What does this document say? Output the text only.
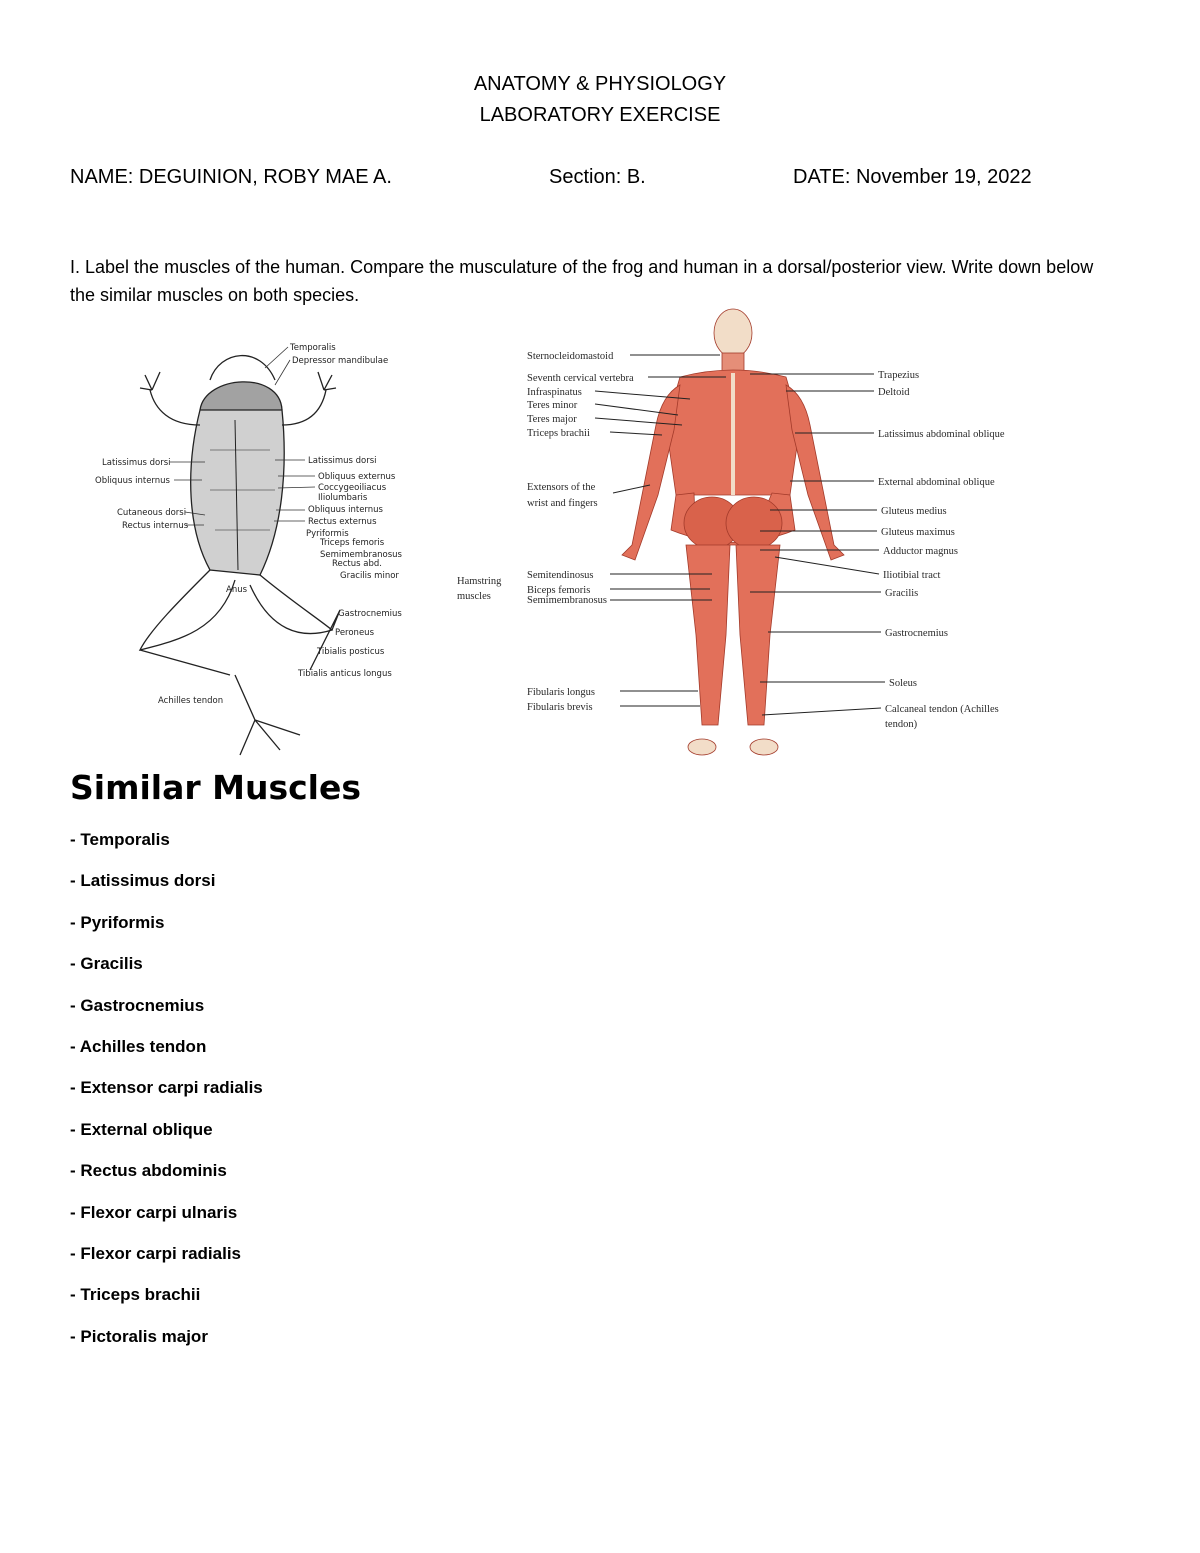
ANATOMY & PHYSIOLOGY
LABORATORY EXERCISE
NAME: DEGUINION, ROBY MAE A.	Section: B.	DATE: November 19, 2022
I. Label the muscles of the human. Compare the musculature of the frog and human in a dorsal/posterior view. Write down below the similar muscles on both species.
Temporalis
Depressor mandibulae
Latissimus dorsi
Obliquus externus
Coccygeoiliacus
Iliolumbaris
Obliquus internus
Rectus externus
Pyriformis
Triceps femoris
Semimembranosus
Rectus abd.
Gracilis minor
Gastrocnemius
Peroneus
Tibialis posticus
Tibialis anticus longus
Latissimus dorsi
Obliquus internus
Cutaneous dorsi
Rectus internus
Anus
Achilles tendon
Sternocleidomastoid
Seventh cervical vertebra
Infraspinatus
Teres minor
Teres major
Triceps brachii
Extensors of the
wrist and fingers
Hamstring
muscles
Semitendinosus
Biceps femoris
Semimembranosus
Fibularis longus
Fibularis brevis
Trapezius
Deltoid
Latissimus abdominal oblique
External abdominal oblique
Gluteus medius
Gluteus maximus
Adductor magnus
Iliotibial tract
Gracilis
Gastrocnemius
Soleus
Calcaneal tendon (Achilles
tendon)
Similar Muscles
- Temporalis
- Latissimus dorsi
- Pyriformis
- Gracilis
- Gastrocnemius
- Achilles tendon
- Extensor carpi radialis
- External oblique
- Rectus abdominis
- Flexor carpi ulnaris
- Flexor carpi radialis
- Triceps brachii
- Pictoralis major
